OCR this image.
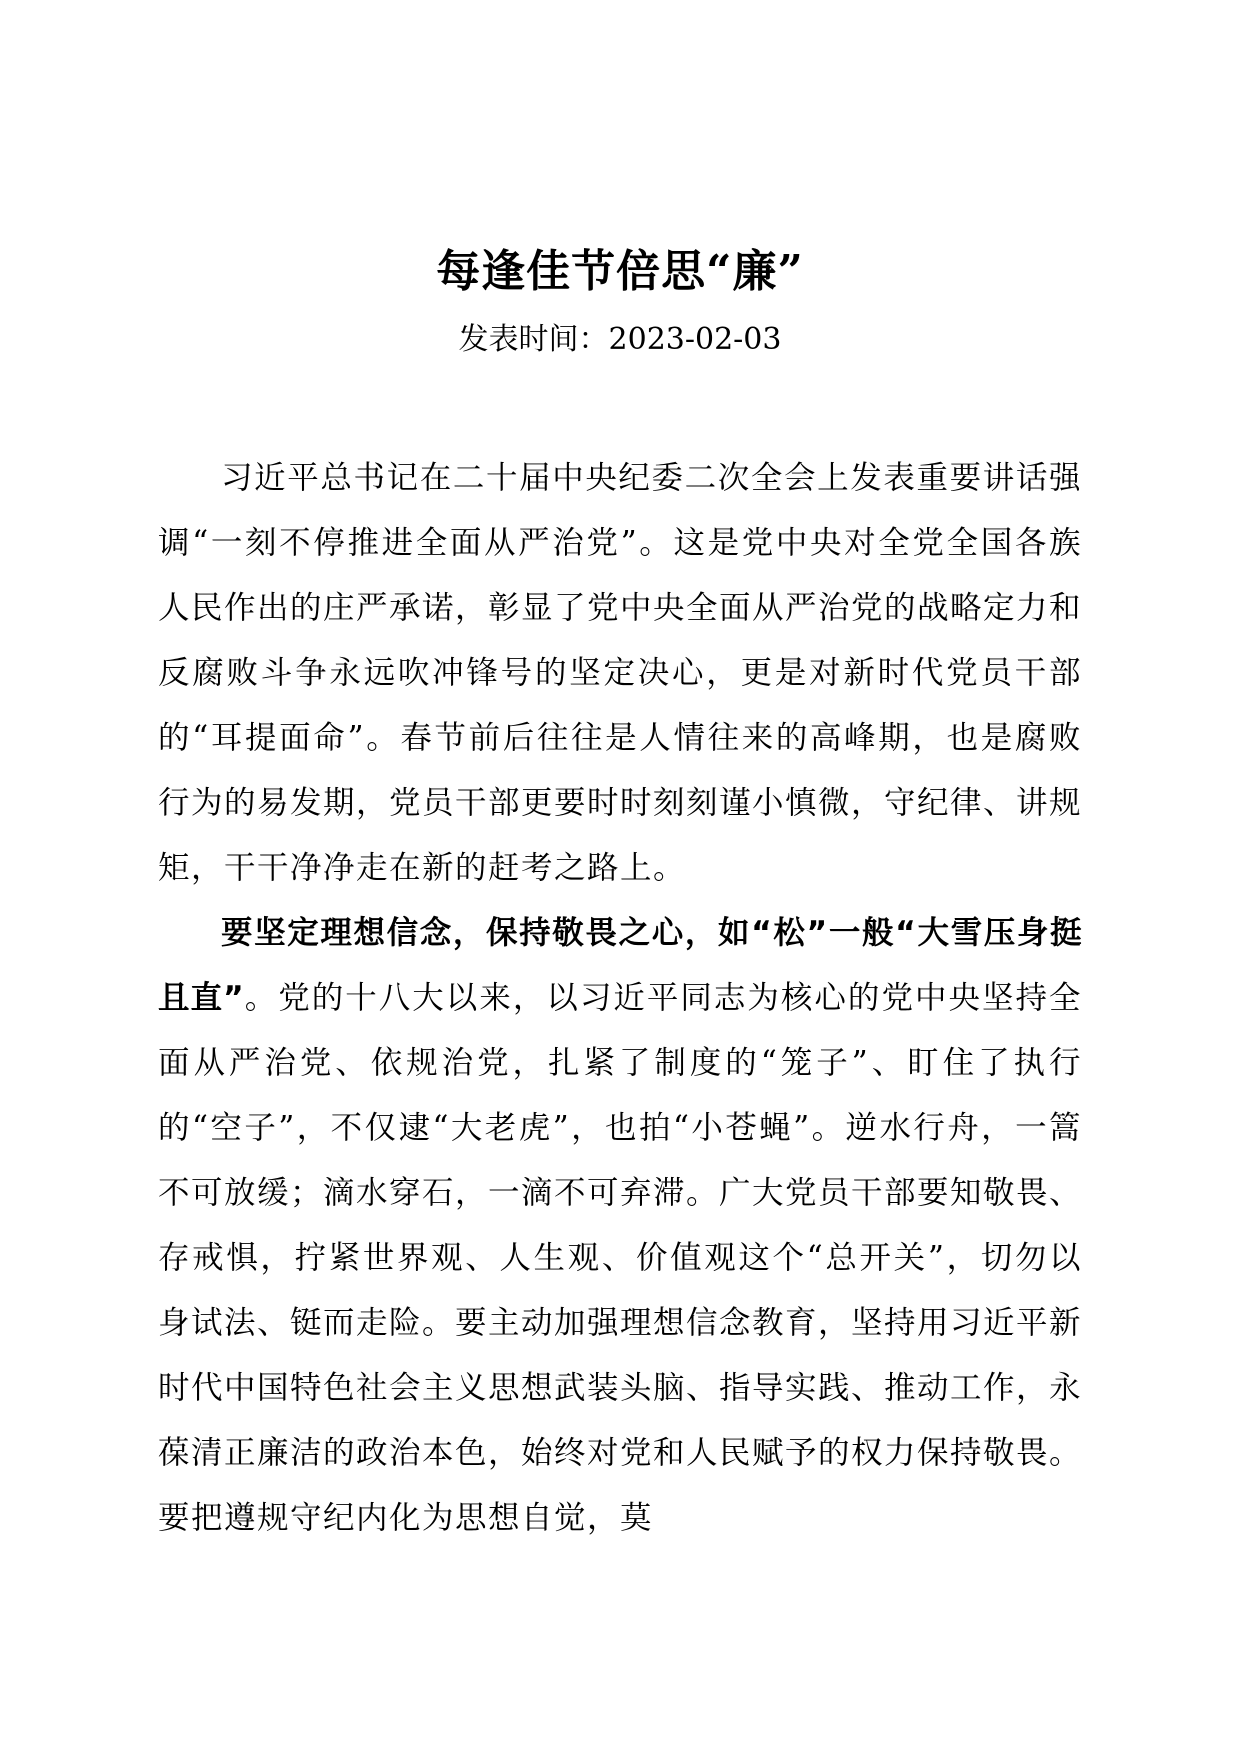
每逢佳节倍思“廉”
发表时间：2023-02-03

习近平总书记在二十届中央纪委二次全会上发表重要讲话强调“一刻不停推进全面从严治党”。这是党中央对全党全国各族人民作出的庄严承诺，彰显了党中央全面从严治党的战略定力和反腐败斗争永远吹冲锋号的坚定决心，更是对新时代党员干部的“耳提面命”。春节前后往往是人情往来的高峰期，也是腐败行为的易发期，党员干部更要时时刻刻谨小慎微，守纪律、讲规矩，干干净净走在新的赶考之路上。

要坚定理想信念，保持敬畏之心，如“松”一般“大雪压身挺且直”。党的十八大以来，以习近平同志为核心的党中央坚持全面从严治党、依规治党，扎紧了制度的“笼子”、盯住了执行的“空子”，不仅逮“大老虎”，也拍“小苍蝇”。逆水行舟，一篙不可放缓；滴水穿石，一滴不可弃滞。广大党员干部要知敬畏、存戒惧，拧紧世界观、人生观、价值观这个“总开关”，切勿以身试法、铤而走险。要主动加强理想信念教育，坚持用习近平新时代中国特色社会主义思想武装头脑、指导实践、推动工作，永葆清正廉洁的政治本色，始终对党和人民赋予的权力保持敬畏。要把遵规守纪内化为思想自觉，莫
